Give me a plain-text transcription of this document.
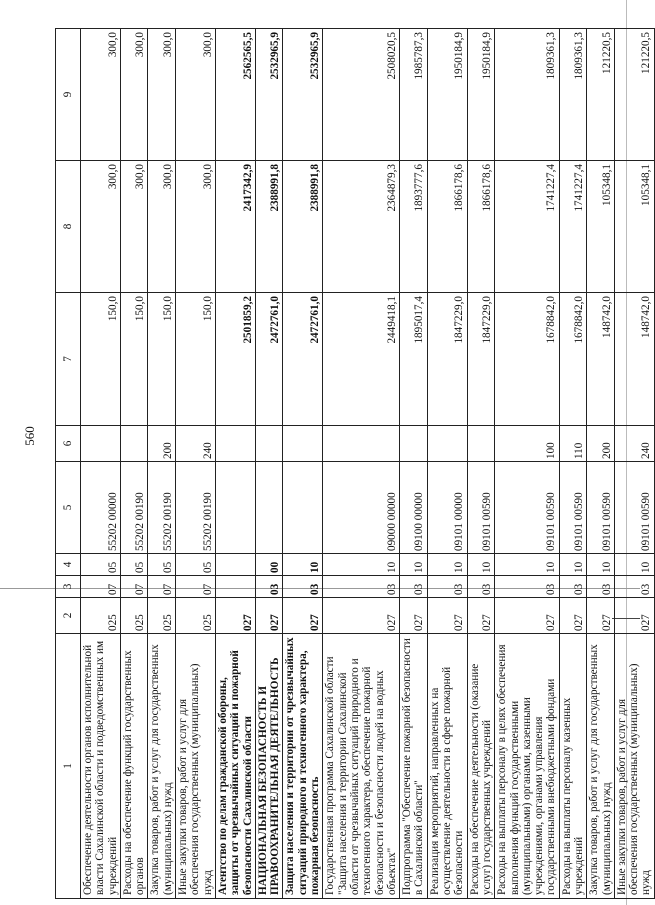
560
1	2	3	4	5	6	7	8	9
Обеспечение деятельности органов исполнительной власти Сахалинской области и подведомственных им учреждений	025	07	05	55202 00000		150,0	300,0	300,0
Расходы на обеспечение функций государственных органов	025	07	05	55202 00190		150,0	300,0	300,0
Закупка товаров, работ и услуг для государственных (муниципальных) нужд	025	07	05	55202 00190	200	150,0	300,0	300,0
Иные закупки товаров, работ и услуг для обеспечения государственных (муниципальных) нужд	025	07	05	55202 00190	240	150,0	300,0	300,0
Агентство по делам гражданской обороны, защиты от чрезвычайных ситуаций и пожарной безопасности Сахалинской области	027					2501859,2	2417342,9	2562565,5
НАЦИОНАЛЬНАЯ БЕЗОПАСНОСТЬ И ПРАВООХРАНИТЕЛЬНАЯ ДЕЯТЕЛЬНОСТЬ	027	03	00			2472761,0	2388991,8	2532965,9
Защита населения и территории от чрезвычайных ситуаций природного и техногенного характера, пожарная безопасность	027	03	10			2472761,0	2388991,8	2532965,9
Государственная программа Сахалинской области "Защита населения и территории Сахалинской области от чрезвычайных ситуаций природного и техногенного характера, обеспечение пожарной безопасности и безопасности людей на водных объектах"	027	03	10	09000 00000		2449418,1	2364879,3	2508020,5
Подпрограмма "Обеспечение пожарной безопасности в Сахалинской области"	027	03	10	09100 00000		1895017,4	1893777,6	1985787,3
Реализация мероприятий, направленных на осуществление деятельности в сфере пожарной безопасности	027	03	10	09101 00000		1847229,0	1866178,6	1950184,9
Расходы на обеспечение деятельности (оказание услуг) государственных учреждений	027	03	10	09101 00590		1847229,0	1866178,6	1950184,9
Расходы на выплаты персоналу в целях обеспечения выполнения функций государственными (муниципальными) органами, казенными учреждениями, органами управления государственными внебюджетными фондами	027	03	10	09101 00590	100	1678842,0	1741227,4	1809361,3
Расходы на выплаты персоналу казенных учреждений	027	03	10	09101 00590	110	1678842,0	1741227,4	1809361,3
Закупка товаров, работ и услуг для государственных (муниципальных) нужд	027	03	10	09101 00590	200	148742,0	105348,1	121220,5
Иные закупки товаров, работ и услуг для обеспечения государственных (муниципальных) нужд	027	03	10	09101 00590	240	148742,0	105348,1	121220,5
